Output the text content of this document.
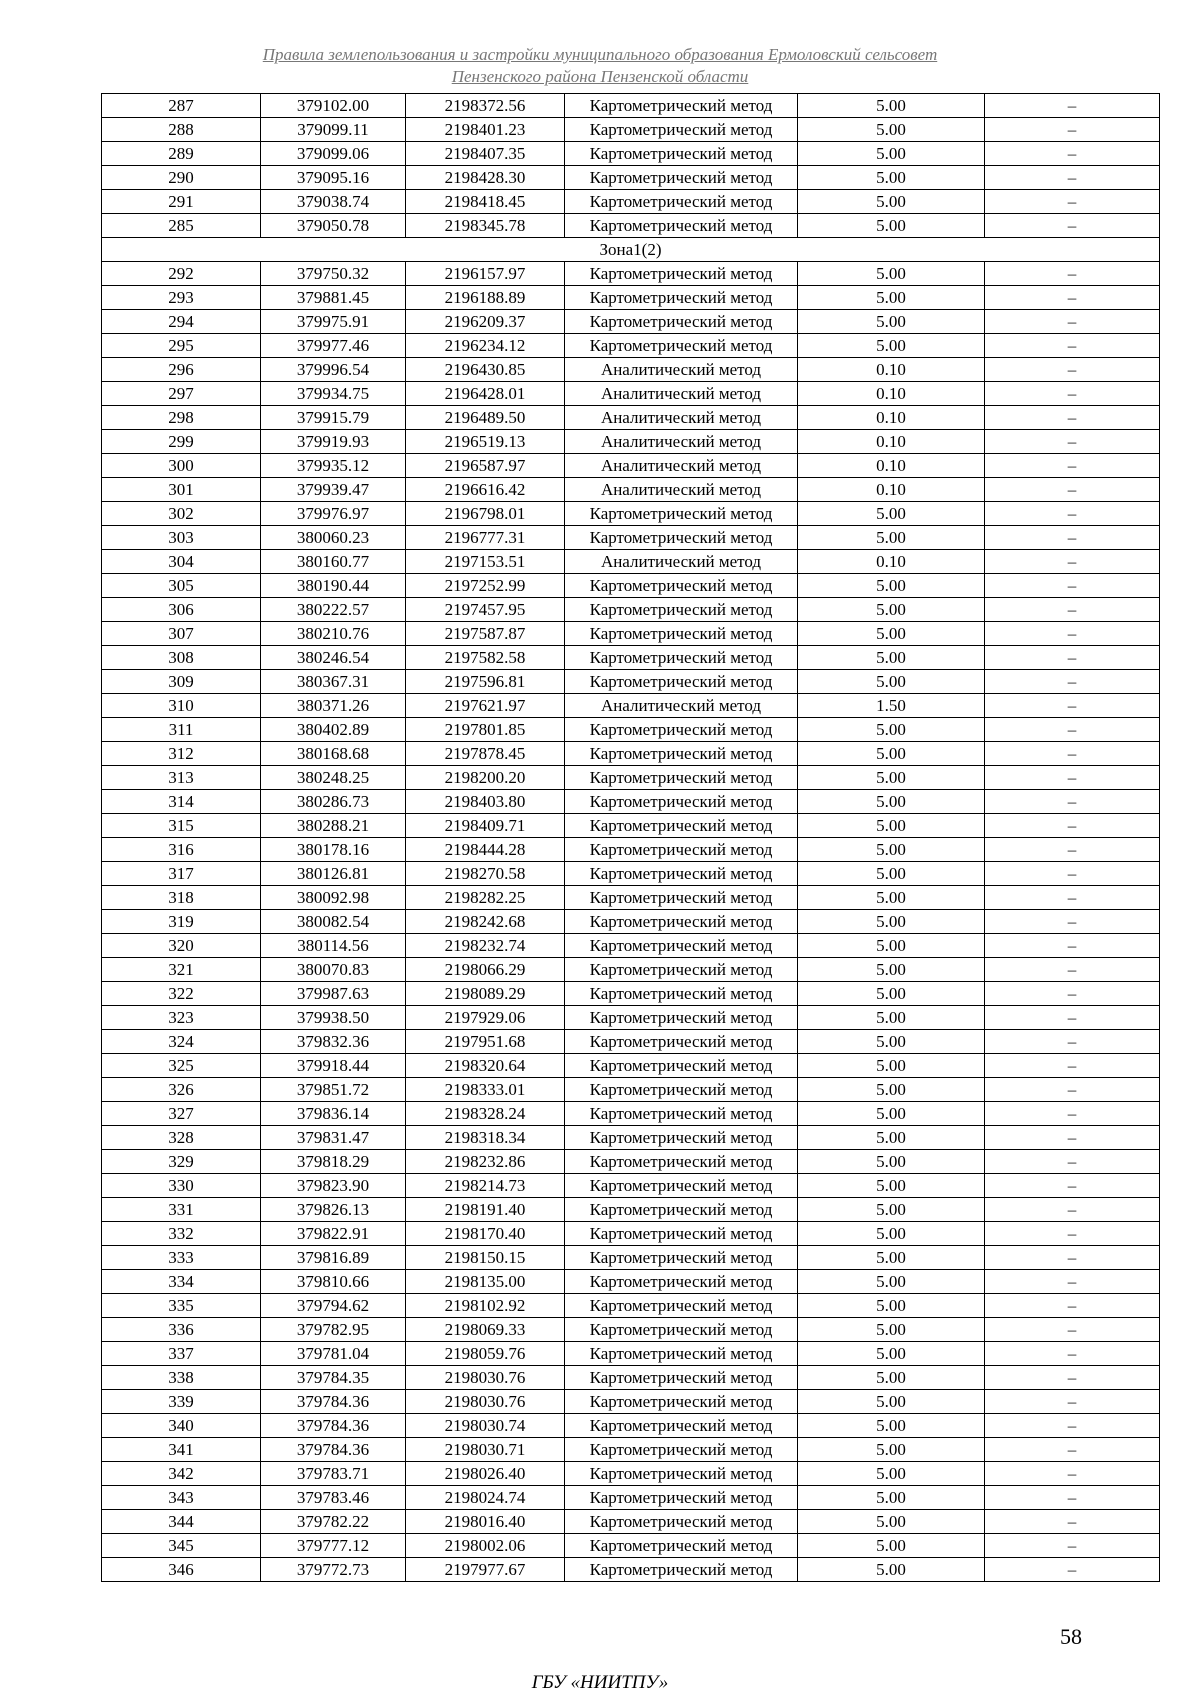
Правила землепользования и застройки муниципального образования Ермоловский сельсовет
Пензенского района Пензенской области
287	379102.00	2198372.56	Картометрический метод	5.00	–
288	379099.11	2198401.23	Картометрический метод	5.00	–
289	379099.06	2198407.35	Картометрический метод	5.00	–
290	379095.16	2198428.30	Картометрический метод	5.00	–
291	379038.74	2198418.45	Картометрический метод	5.00	–
285	379050.78	2198345.78	Картометрический метод	5.00	–
Зона1(2)					
292	379750.32	2196157.97	Картометрический метод	5.00	–
293	379881.45	2196188.89	Картометрический метод	5.00	–
294	379975.91	2196209.37	Картометрический метод	5.00	–
295	379977.46	2196234.12	Картометрический метод	5.00	–
296	379996.54	2196430.85	Аналитический метод	0.10	–
297	379934.75	2196428.01	Аналитический метод	0.10	–
298	379915.79	2196489.50	Аналитический метод	0.10	–
299	379919.93	2196519.13	Аналитический метод	0.10	–
300	379935.12	2196587.97	Аналитический метод	0.10	–
301	379939.47	2196616.42	Аналитический метод	0.10	–
302	379976.97	2196798.01	Картометрический метод	5.00	–
303	380060.23	2196777.31	Картометрический метод	5.00	–
304	380160.77	2197153.51	Аналитический метод	0.10	–
305	380190.44	2197252.99	Картометрический метод	5.00	–
306	380222.57	2197457.95	Картометрический метод	5.00	–
307	380210.76	2197587.87	Картометрический метод	5.00	–
308	380246.54	2197582.58	Картометрический метод	5.00	–
309	380367.31	2197596.81	Картометрический метод	5.00	–
310	380371.26	2197621.97	Аналитический метод	1.50	–
311	380402.89	2197801.85	Картометрический метод	5.00	–
312	380168.68	2197878.45	Картометрический метод	5.00	–
313	380248.25	2198200.20	Картометрический метод	5.00	–
314	380286.73	2198403.80	Картометрический метод	5.00	–
315	380288.21	2198409.71	Картометрический метод	5.00	–
316	380178.16	2198444.28	Картометрический метод	5.00	–
317	380126.81	2198270.58	Картометрический метод	5.00	–
318	380092.98	2198282.25	Картометрический метод	5.00	–
319	380082.54	2198242.68	Картометрический метод	5.00	–
320	380114.56	2198232.74	Картометрический метод	5.00	–
321	380070.83	2198066.29	Картометрический метод	5.00	–
322	379987.63	2198089.29	Картометрический метод	5.00	–
323	379938.50	2197929.06	Картометрический метод	5.00	–
324	379832.36	2197951.68	Картометрический метод	5.00	–
325	379918.44	2198320.64	Картометрический метод	5.00	–
326	379851.72	2198333.01	Картометрический метод	5.00	–
327	379836.14	2198328.24	Картометрический метод	5.00	–
328	379831.47	2198318.34	Картометрический метод	5.00	–
329	379818.29	2198232.86	Картометрический метод	5.00	–
330	379823.90	2198214.73	Картометрический метод	5.00	–
331	379826.13	2198191.40	Картометрический метод	5.00	–
332	379822.91	2198170.40	Картометрический метод	5.00	–
333	379816.89	2198150.15	Картометрический метод	5.00	–
334	379810.66	2198135.00	Картометрический метод	5.00	–
335	379794.62	2198102.92	Картометрический метод	5.00	–
336	379782.95	2198069.33	Картометрический метод	5.00	–
337	379781.04	2198059.76	Картометрический метод	5.00	–
338	379784.35	2198030.76	Картометрический метод	5.00	–
339	379784.36	2198030.76	Картометрический метод	5.00	–
340	379784.36	2198030.74	Картометрический метод	5.00	–
341	379784.36	2198030.71	Картометрический метод	5.00	–
342	379783.71	2198026.40	Картометрический метод	5.00	–
343	379783.46	2198024.74	Картометрический метод	5.00	–
344	379782.22	2198016.40	Картометрический метод	5.00	–
345	379777.12	2198002.06	Картометрический метод	5.00	–
346	379772.73	2197977.67	Картометрический метод	5.00	–
58
ГБУ «НИИТПУ»
